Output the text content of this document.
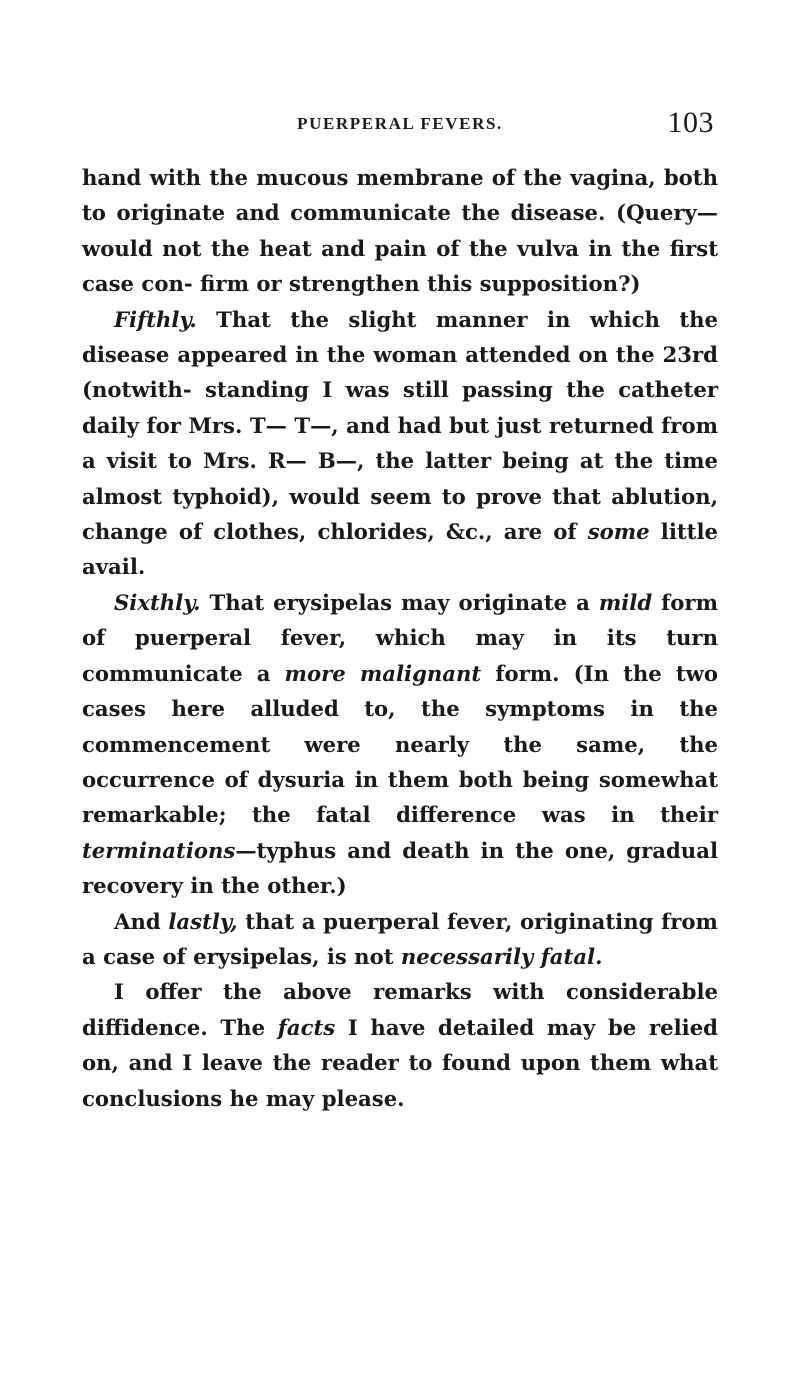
PUERPERAL FEVERS.	103

hand with the mucous membrane of the vagina, both to originate and communicate the disease. (Query—would not the heat and pain of the vulva in the first case con- firm or strengthen this supposition?)

Fifthly. That the slight manner in which the disease appeared in the woman attended on the 23rd (notwith- standing I was still passing the catheter daily for Mrs. T— T—, and had but just returned from a visit to Mrs. R— B—, the latter being at the time almost typhoid), would seem to prove that ablution, change of clothes, chlorides, &c., are of some little avail.

Sixthly. That erysipelas may originate a mild form of puerperal fever, which may in its turn communicate a more malignant form. (In the two cases here alluded to, the symptoms in the commencement were nearly the same, the occurrence of dysuria in them both being somewhat remarkable; the fatal difference was in their terminations—typhus and death in the one, gradual recovery in the other.)

And lastly, that a puerperal fever, originating from a case of erysipelas, is not necessarily fatal.

I offer the above remarks with considerable diffidence. The facts I have detailed may be relied on, and I leave the reader to found upon them what conclusions he may please.
